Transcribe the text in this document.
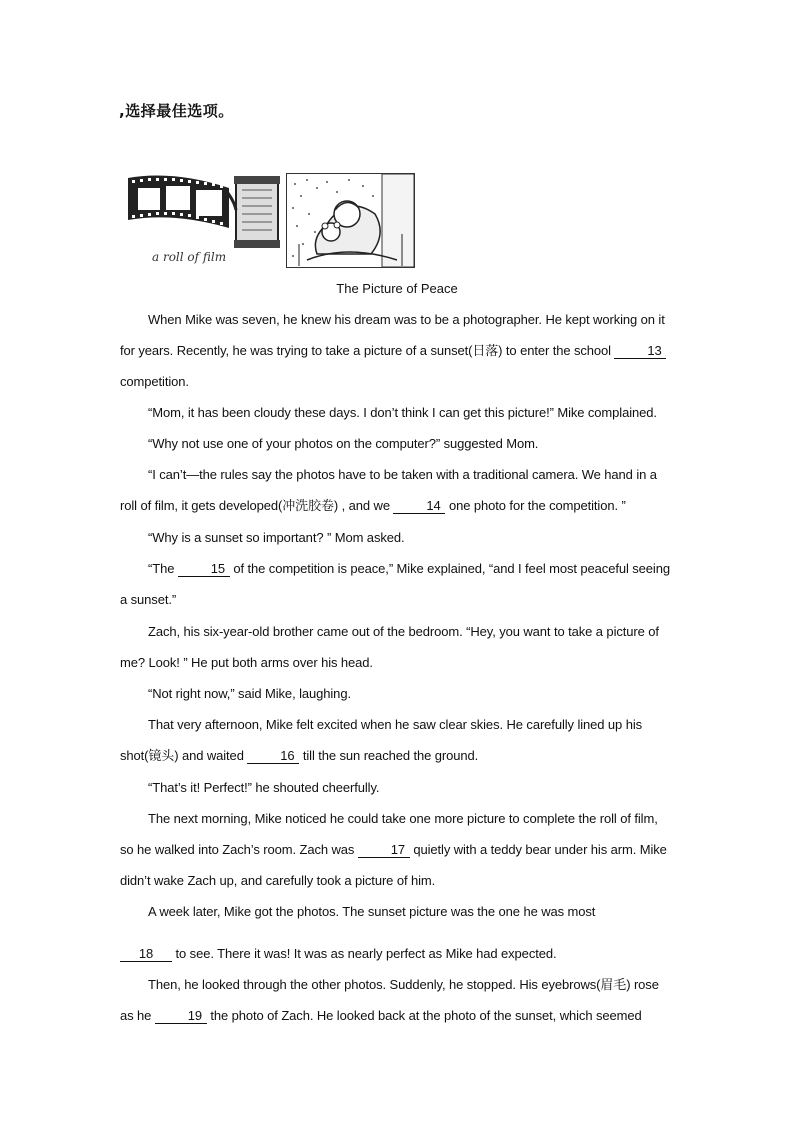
,选择最佳选项。
a roll of film
The Picture of Peace

When Mike was seven, he knew his dream was to be a photographer. He kept working on it for years. Recently, he was trying to take a picture of a sunset(日落) to enter the school	13 competition.

“Mom, it has been cloudy these days. I don’t think I can get this picture!” Mike complained.

“Why not use one of your photos on the computer?” suggested Mom.

“I can’t—the rules say the photos have to be taken with a traditional camera. We hand in a roll of film, it gets developed(冲洗胶卷) , and we	14 one photo for the competition. ”

“Why is a sunset so important? ” Mom asked.

“The	15 of the competition is peace,” Mike explained, “and I feel most peaceful seeing a sunset.”

Zach, his six-year-old brother came out of the bedroom. “Hey, you want to take a picture of me? Look! ” He put both arms over his head.

“Not right now,” said Mike, laughing.

That very afternoon, Mike felt excited when he saw clear skies. He carefully lined up his shot(镜头) and waited	16 till the sun reached the ground.

“That’s it! Perfect!” he shouted cheerfully.

The next morning, Mike noticed he could take one more picture to complete the roll of film, so he walked into Zach’s room. Zach was	17 quietly with a teddy bear under his arm. Mike didn’t wake Zach up, and carefully took a picture of him.

A week later, Mike got the photos. The sunset picture was the one he was most

18 to see. There it was! It was as nearly perfect as Mike had expected.

Then, he looked through the other photos. Suddenly, he stopped. His eyebrows(眉毛) rose as he	19 the photo of Zach. He looked back at the photo of the sunset, which seemed
